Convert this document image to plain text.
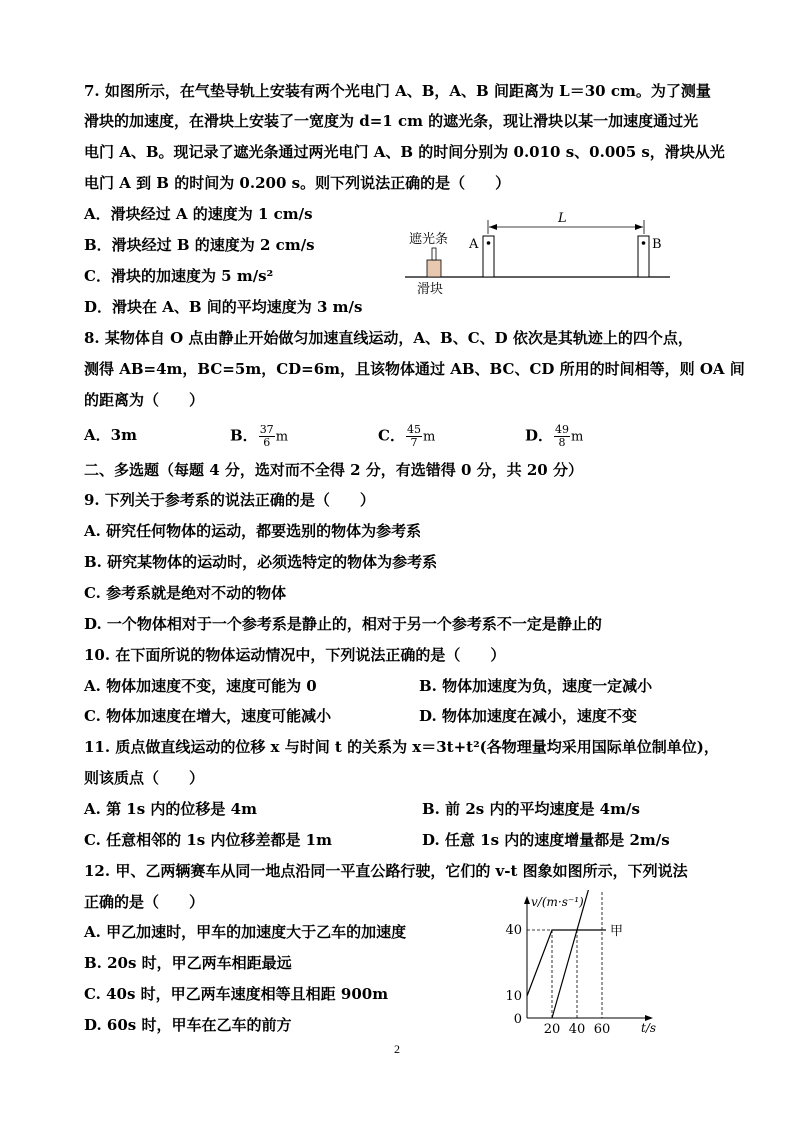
7. 如图所示，在气垫导轨上安装有两个光电门 A、B，A、B 间距离为 L＝30 cm。为了测量
滑块的加速度，在滑块上安装了一宽度为 d=1 cm 的遮光条，现让滑块以某一加速度通过光
电门 A、B。现记录了遮光条通过两光电门 A、B 的时间分别为 0.010 s、0.005 s，滑块从光
电门 A 到 B 的时间为 0.200 s。则下列说法正确的是（　　）
A．滑块经过 A 的速度为 1 cm/s
B．滑块经过 B 的速度为 2 cm/s
C．滑块的加速度为 5 m/s²
D．滑块在 A、B 间的平均速度为 3 m/s
遮光条
滑块
A	B
L
8. 某物体自 O 点由静止开始做匀加速直线运动，A、B、C、D 依次是其轨迹上的四个点，
测得 AB=4m，BC=5m，CD=6m，且该物体通过 AB、BC、CD 所用的时间相等，则 OA 间
的距离为（　　）
A．3m	B． $\frac{37}{6}$ m	C． $\frac{45}{7}$ m	D． $\frac{49}{8}$ m
二、多选题（每题 4 分，选对而不全得 2 分，有选错得 0 分，共 20 分）
9. 下列关于参考系的说法正确的是（　　）
A. 研究任何物体的运动，都要选别的物体为参考系
B. 研究某物体的运动时，必须选特定的物体为参考系
C. 参考系就是绝对不动的物体
D. 一个物体相对于一个参考系是静止的，相对于另一个参考系不一定是静止的
10. 在下面所说的物体运动情况中，下列说法正确的是（　　）
A. 物体加速度不变，速度可能为 0	B. 物体加速度为负，速度一定减小
C. 物体加速度在增大，速度可能减小	D. 物体加速度在减小，速度不变
11. 质点做直线运动的位移 x 与时间 t 的关系为 x＝3t+t²(各物理量均采用国际单位制单位)，
则该质点（　　）
A. 第 1s 内的位移是 4m	B. 前 2s 内的平均速度是 4m/s
C. 任意相邻的 1s 内位移差都是 1m	D. 任意 1s 内的速度增量都是 2m/s
12. 甲、乙两辆赛车从同一地点沿同一平直公路行驶，它们的 v-t 图象如图所示，下列说法
正确的是（　　）
A. 甲乙加速时，甲车的加速度大于乙车的加速度
B. 20s 时，甲乙两车相距最远
C. 40s 时，甲乙两车速度相等且相距 900m
D. 60s 时，甲车在乙车的前方
v/(m·s⁻¹)
t/s
10
40
0
20 40 60
甲
2
